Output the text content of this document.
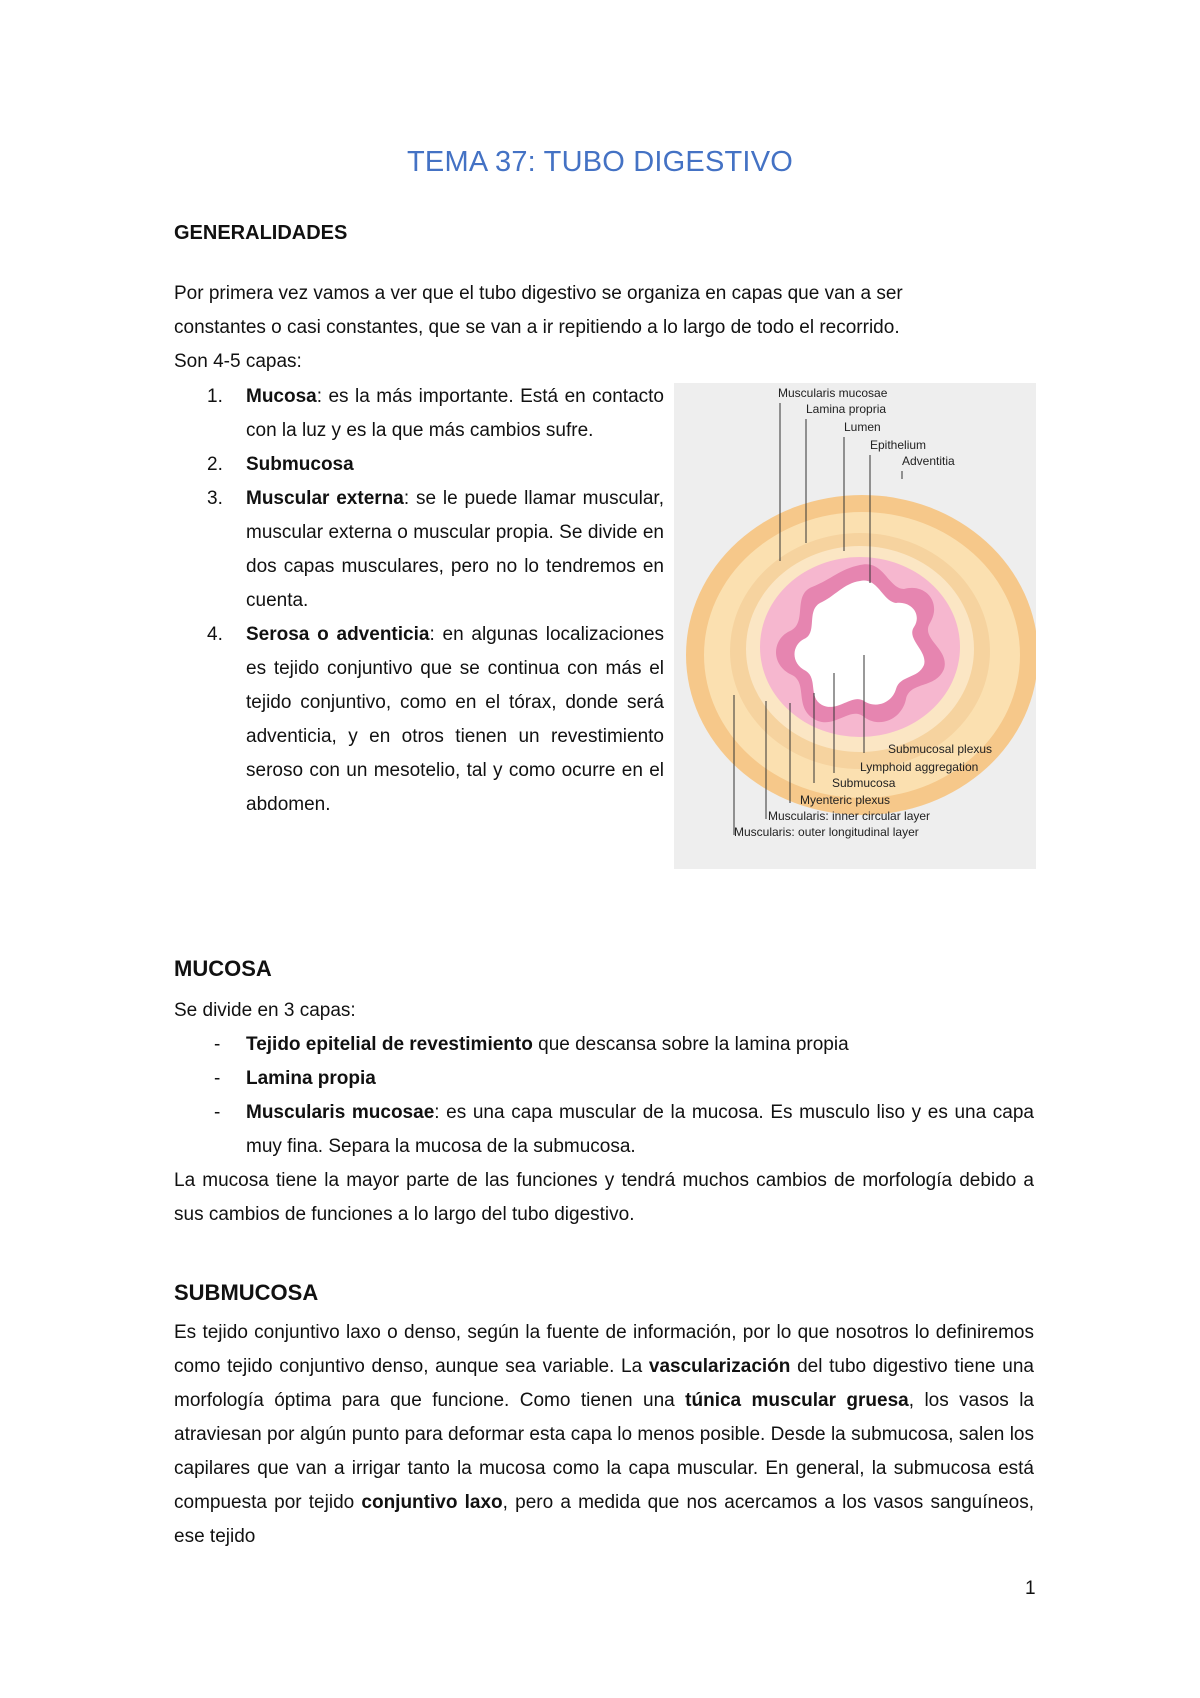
TEMA 37: TUBO DIGESTIVO
GENERALIDADES
Por primera vez vamos a ver que el tubo digestivo se organiza en capas que van a ser
constantes o casi constantes, que se van a ir repitiendo a lo largo de todo el recorrido.
Son 4-5 capas:
1. Mucosa: es la más importante. Está en contacto con la luz y es la que más cambios sufre.
2. Submucosa
3. Muscular externa: se le puede llamar muscular, muscular externa o muscular propia. Se divide en dos capas musculares, pero no lo tendremos en cuenta.
4. Serosa o adventicia: en algunas localizaciones es tejido conjuntivo que se continua con más el tejido conjuntivo, como en el tórax, donde será adventicia, y en otros tienen un revestimiento seroso con un mesotelio, tal y como ocurre en el abdomen.
Muscularis mucosae
Lamina propria
Lumen
Epithelium
Adventitia
Submucosal plexus
Lymphoid aggregation
Submucosa
Myenteric plexus
Muscularis: inner circular layer
Muscularis: outer longitudinal layer
MUCOSA
Se divide en 3 capas:
- Tejido epitelial de revestimiento que descansa sobre la lamina propia
- Lamina propia
- Muscularis mucosae: es una capa muscular de la mucosa. Es musculo liso y es una capa muy fina. Separa la mucosa de la submucosa.
La mucosa tiene la mayor parte de las funciones y tendrá muchos cambios de morfología debido a sus cambios de funciones a lo largo del tubo digestivo.
SUBMUCOSA
Es tejido conjuntivo laxo o denso, según la fuente de información, por lo que nosotros lo definiremos como tejido conjuntivo denso, aunque sea variable. La vascularización del tubo digestivo tiene una morfología óptima para que funcione. Como tienen una túnica muscular gruesa, los vasos la atraviesan por algún punto para deformar esta capa lo menos posible. Desde la submucosa, salen los capilares que van a irrigar tanto la mucosa como la capa muscular. En general, la submucosa está compuesta por tejido conjuntivo laxo, pero a medida que nos acercamos a los vasos sanguíneos, ese tejido
1
